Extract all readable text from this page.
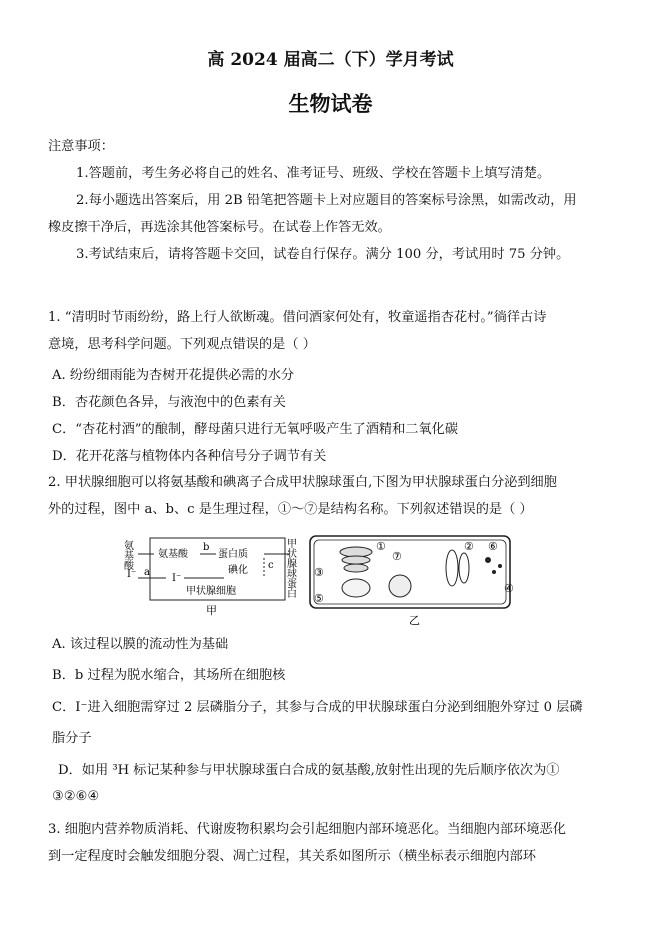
高 2024 届高二（下）学月考试
生物试卷
注意事项：
1.答题前，考生务必将自己的姓名、准考证号、班级、学校在答题卡上填写清楚。
2.每小题选出答案后，用 2B 铅笔把答题卡上对应题目的答案标号涂黑，如需改动，用
橡皮擦干净后，再选涂其他答案标号。在试卷上作答无效。
3.考试结束后，请将答题卡交回，试卷自行保存。满分 100 分，考试用时 75 分钟。
1. “清明时节雨纷纷，路上行人欲断魂。借问酒家何处有，牧童遥指杏花村。”徜徉古诗
意境，思考科学问题。下列观点错误的是（ ）
A. 纷纷细雨能为杏树开花提供必需的水分
B．杏花颜色各异，与液泡中的色素有关
C．“杏花村酒”的酿制，酵母菌只进行无氧呼吸产生了酒精和二氧化碳
D．花开花落与植物体内各种信号分子调节有关
2. 甲状腺细胞可以将氨基酸和碘离子合成甲状腺球蛋白,下图为甲状腺球蛋白分泌到细胞
外的过程，图中 a、b、c 是生理过程，①～⑦是结构名称。下列叙述错误的是（ ）
氨基酸
I⁻
氨基酸
b
蛋白质
碘化 c
a
I⁻
甲状腺细胞	甲状腺球蛋白
甲
①	②
③
④
⑤
⑥
⑦
乙
A. 该过程以膜的流动性为基础
B．b 过程为脱水缩合，其场所在细胞核
C．I⁻进入细胞需穿过 2 层磷脂分子，其参与合成的甲状腺球蛋白分泌到细胞外穿过 0 层磷
脂分子
D．如用 ³H 标记某种参与甲状腺球蛋白合成的氨基酸,放射性出现的先后顺序依次为①
③②⑥④
3. 细胞内营养物质消耗、代谢废物积累均会引起细胞内部环境恶化。当细胞内部环境恶化
到一定程度时会触发细胞分裂、凋亡过程，其关系如图所示（横坐标表示细胞内部环
